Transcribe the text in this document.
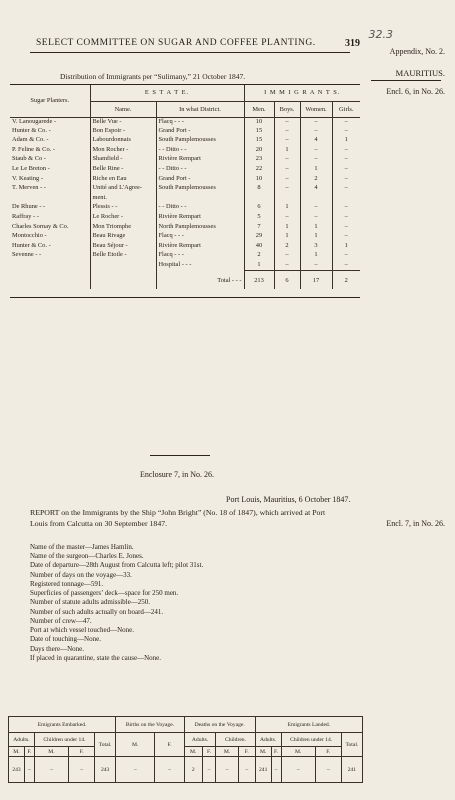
SELECT COMMITTEE ON SUGAR AND COFFEE PLANTING.	319
32.3
Appendix, No. 2.
MAURITIUS.
Encl. 6, in No. 26.
Distribution of Immigrants per “Sulimany,” 21 October 1847.
Sugar Planters.	E S T A T E.		I M M I G R A N T S.			
	Name.	In what District.	Men.	Boys.	Women.	Girls.
V. Lanougarede -	Belle Vue -	Flacq - - -	10	–	–	–
Hunter & Co. -	Bon Espoir -	Grand Port -	15	–	–	–
Adam & Co. -	Labourdonnais	South Pamplemousses	15	–	4	1
P. Feline & Co. -	Mon Rocher -	- - Ditto - -	20	1	–	–
Staub & Co -	Shamfield -	Rivière Rempart	23	–	–	–
Le Le Breton -	Belle Rine -	- - Ditto - -	22	–	1	–
V. Keating -	Riche en Eau	Grand Port -	10	–	2	–
T. Merven - -	Unité and L'Agree-	South Pamplemousses	8	–	4	–
	ment.					
De Rhune - -	Plessis - -	- - Ditto - -	6	1	–	–
Raffray - -	Le Rocher -	Rivière Rempart	5	–	–	–
Charles Sornay & Co.	Mon Triomphe	North Pamplemousses	7	1	1	–
Montocchio -	Beau Rivage	Flacq - - -	29	1	1	–
Hunter & Co. -	Beau Séjour -	Rivière Rempart	40	2	3	1
Sevenne - -	Belle Etoile -	Flacq - - -	2	–	1	–
		Hospital - - -	1	–	–	–
		Total - - -	213	6	17	2
Enclosure 7, in No. 26.
Port Louis, Mauritius, 6 October 1847.
Encl. 7, in No. 26.
REPORT on the Immigrants by the Ship “John Bright” (No. 18 of 1847), which arrived at Port Louis from Calcutta on 30 September 1847.
Name of the master—James Hamlin.
Name of the surgeon—Charles E. Jones.
Date of departure—28th August from Calcutta left; pilot 31st.
Number of days on the voyage—33.
Registered tonnage—591.
Superficies of passengers’ deck—space for 250 men.
Number of statute adults admissible—250.
Number of such adults actually on board—241.
Number of crew—47.
Port at which vessel touched—None.
Date of touching—None.
Days there—None.
If placed in quarantine, state the cause—None.
Emigrants Embarked.					Births on the Voyage.		Deaths on the Voyage.				Emigrants Landed.				
Adults.		Children under 14.		Total.	M.	F.	Adults.		Children.		Adults.		Children under 14.		Total.
M.	F.	M.	F.				M.	F.	M.	F.	M.	F.	M.	F.	
243	–	–	–	243	–	–	2	–	–	–	241	–	–	–	241
